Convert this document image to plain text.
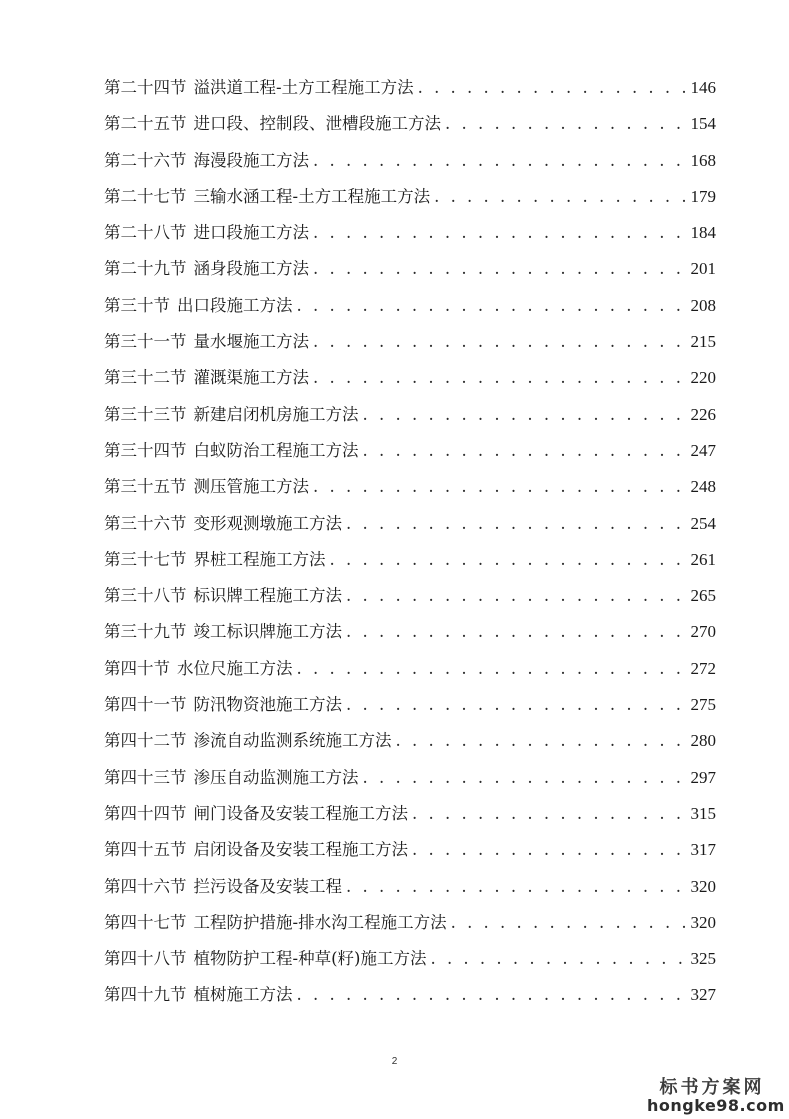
第二十四节 溢洪道工程-土方工程施工方法 . . .	146
第二十五节 进口段、控制段、泄槽段施工方法 . . .	154
第二十六节 海漫段施工方法 . . .	168
第二十七节 三输水涵工程-土方工程施工方法 . . .	179
第二十八节 进口段施工方法 . . .	184
第二十九节 涵身段施工方法 . . .	201
第三十节 出口段施工方法 . . .	208
第三十一节 量水堰施工方法 . . .	215
第三十二节 灌溉渠施工方法 . . .	220
第三十三节 新建启闭机房施工方法 . . .	226
第三十四节 白蚁防治工程施工方法 . . .	247
第三十五节 测压管施工方法 . . .	248
第三十六节 变形观测墩施工方法 . . .	254
第三十七节 界桩工程施工方法 . . .	261
第三十八节 标识牌工程施工方法 . . .	265
第三十九节 竣工标识牌施工方法 . . .	270
第四十节 水位尺施工方法 . . .	272
第四十一节 防汛物资池施工方法 . . .	275
第四十二节 渗流自动监测系统施工方法 . . .	280
第四十三节 渗压自动监测施工方法 . . .	297
第四十四节 闸门设备及安装工程施工方法 . . .	315
第四十五节 启闭设备及安装工程施工方法 . . .	317
第四十六节 拦污设备及安装工程 . . .	320
第四十七节 工程防护措施-排水沟工程施工方法 . . .	320
第四十八节 植物防护工程-种草(籽)施工方法 . . .	325
第四十九节 植树施工方法 . . .	327
2
标书方案网
hongke98.com
